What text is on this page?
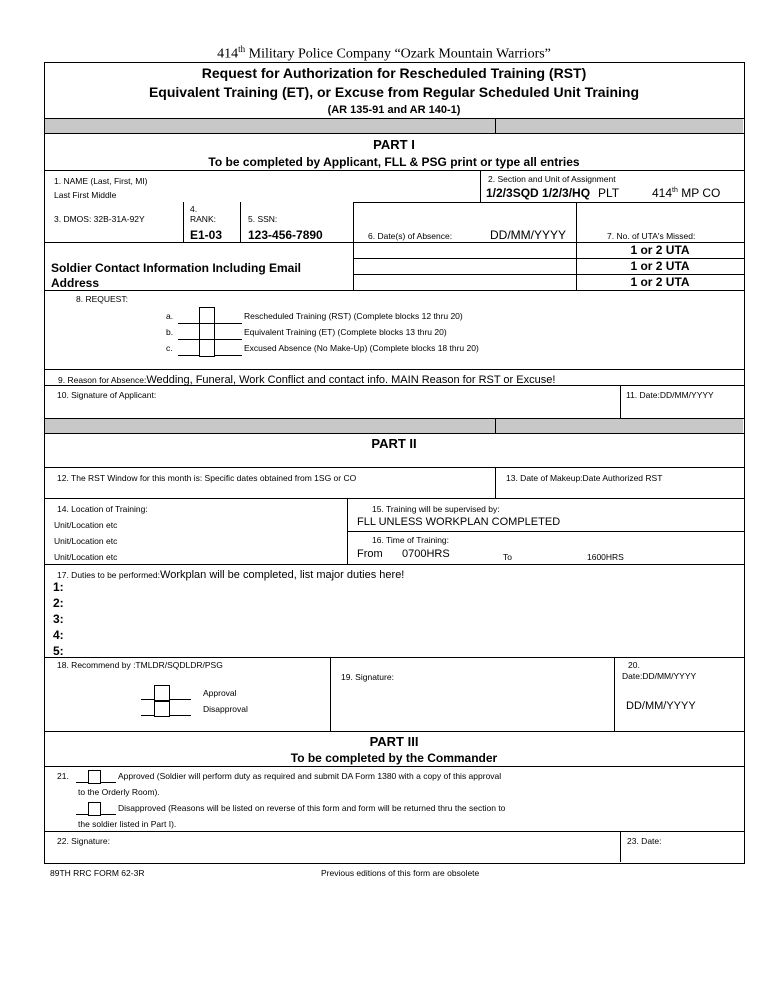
414th Military Police Company “Ozark Mountain Warriors”
Request for Authorization for Rescheduled Training (RST)
Equivalent Training (ET), or Excuse from Regular Scheduled Unit Training
(AR 135-91 and AR 140-1)
PART I
To be completed by Applicant, FLL & PSG print or type all entries
1. NAME (Last, First, MI)
Last First Middle
2. Section and Unit of Assignment
1/2/3SQD 1/2/3/HQ PLT	414th MP CO
3. DMOS: 32B-31A-92Y
4.
RANK:
E1-03
5. SSN:
123-456-7890	6. Date(s) of Absence:	DD/MM/YYYY	7. No. of UTA's Missed:
1 or 2 UTA
1 or 2 UTA
1 or 2 UTA
Soldier Contact Information Including Email
Address
8. REQUEST:
a.	Rescheduled Training (RST) (Complete blocks 12 thru 20)
b.	Equivalent Training (ET) (Complete blocks 13 thru 20)
c.	Excused Absence (No Make-Up) (Complete blocks 18 thru 20)
9. Reason for Absence:Wedding, Funeral, Work Conflict and contact info. MAIN Reason for RST or Excuse!
10. Signature of Applicant:	11. Date:DD/MM/YYYY
PART II
12. The RST Window for this month is: Specific dates obtained from 1SG or CO	13. Date of Makeup:Date Authorized RST
14. Location of Training:
Unit/Location etc
Unit/Location etc
Unit/Location etc
15. Training will be supervised by:
FLL UNLESS WORKPLAN COMPLETED
16. Time of Training:
From 0700HRS	To	1600HRS
17. Duties to be performed:Workplan will be completed, list major duties here!
1:
2:
3:
4:
5:
18. Recommend by :TMLDR/SQDLDR/PSG
Approval
Disapproval
19. Signature:
20.
Date:DD/MM/YYYY
DD/MM/YYYY
PART III
To be completed by the Commander
21.	Approved (Soldier will perform duty as required and submit DA Form 1380 with a copy of this approval
to the Orderly Room).
Disapproved (Reasons will be listed on reverse of this form and form will be returned thru the section to
the soldier listed in Part I).
22. Signature:	23. Date:
89TH RRC FORM 62-3R	Previous editions of this form are obsolete
